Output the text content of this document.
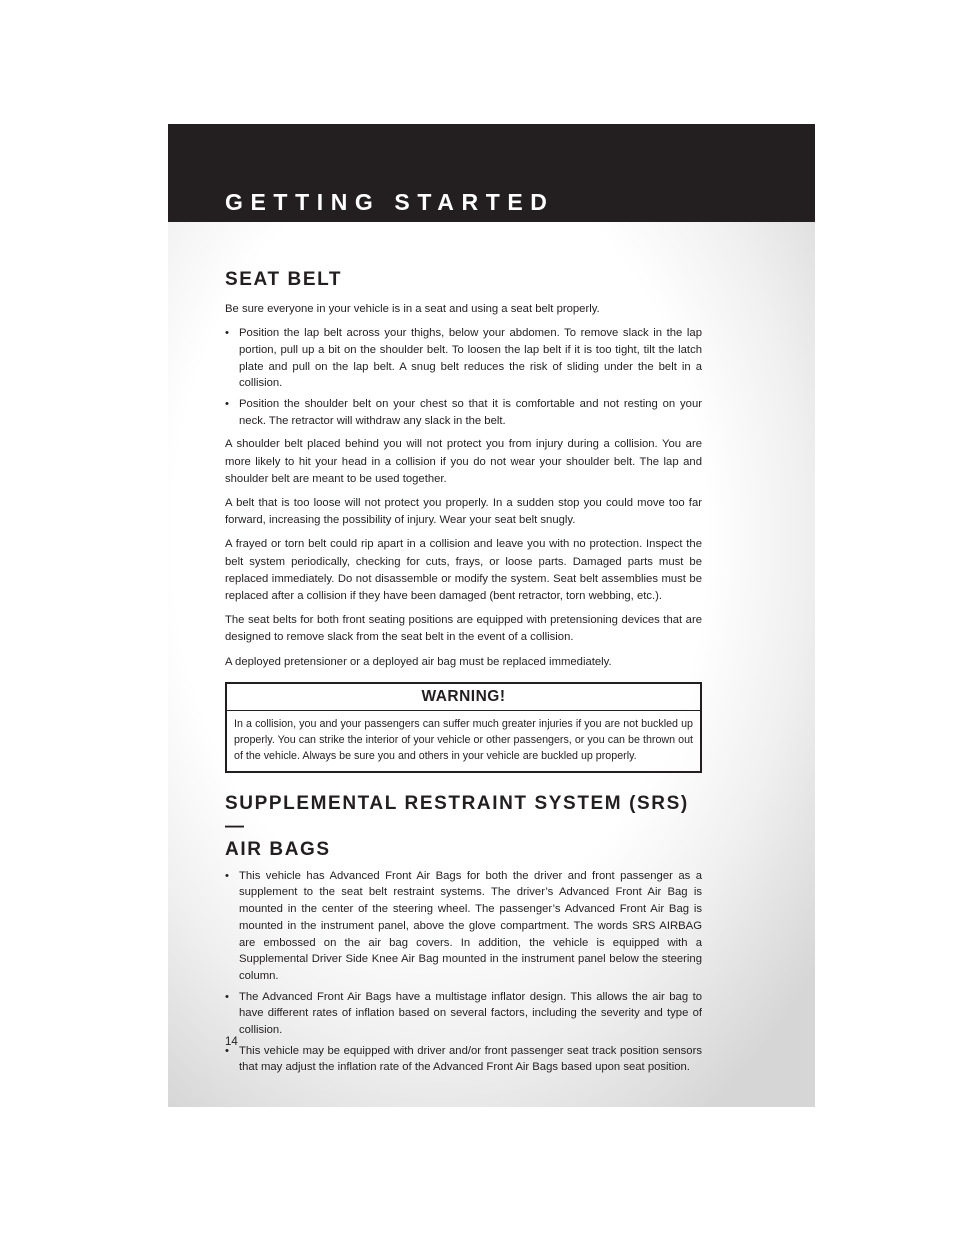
GETTING STARTED
SEAT BELT

Be sure everyone in your vehicle is in a seat and using a seat belt properly.

• Position the lap belt across your thighs, below your abdomen. To remove slack in the lap portion, pull up a bit on the shoulder belt. To loosen the lap belt if it is too tight, tilt the latch plate and pull on the lap belt. A snug belt reduces the risk of sliding under the belt in a collision.
• Position the shoulder belt on your chest so that it is comfortable and not resting on your neck. The retractor will withdraw any slack in the belt.

A shoulder belt placed behind you will not protect you from injury during a collision. You are more likely to hit your head in a collision if you do not wear your shoulder belt. The lap and shoulder belt are meant to be used together.

A belt that is too loose will not protect you properly. In a sudden stop you could move too far forward, increasing the possibility of injury. Wear your seat belt snugly.

A frayed or torn belt could rip apart in a collision and leave you with no protection. Inspect the belt system periodically, checking for cuts, frays, or loose parts. Damaged parts must be replaced immediately. Do not disassemble or modify the system. Seat belt assemblies must be replaced after a collision if they have been damaged (bent retractor, torn webbing, etc.).

The seat belts for both front seating positions are equipped with pretensioning devices that are designed to remove slack from the seat belt in the event of a collision.

A deployed pretensioner or a deployed air bag must be replaced immediately.

WARNING!
In a collision, you and your passengers can suffer much greater injuries if you are not buckled up properly. You can strike the interior of your vehicle or other passengers, or you can be thrown out of the vehicle. Always be sure you and others in your vehicle are buckled up properly.
SUPPLEMENTAL RESTRAINT SYSTEM (SRS) —
AIR BAGS
• This vehicle has Advanced Front Air Bags for both the driver and front passenger as a supplement to the seat belt restraint systems. The driver’s Advanced Front Air Bag is mounted in the center of the steering wheel. The passenger’s Advanced Front Air Bag is mounted in the instrument panel, above the glove compartment. The words SRS AIRBAG are embossed on the air bag covers. In addition, the vehicle is equipped with a Supplemental Driver Side Knee Air Bag mounted in the instrument panel below the steering column.
• The Advanced Front Air Bags have a multistage inflator design. This allows the air bag to have different rates of inflation based on several factors, including the severity and type of collision.
• This vehicle may be equipped with driver and/or front passenger seat track position sensors that may adjust the inflation rate of the Advanced Front Air Bags based upon seat position.
14
